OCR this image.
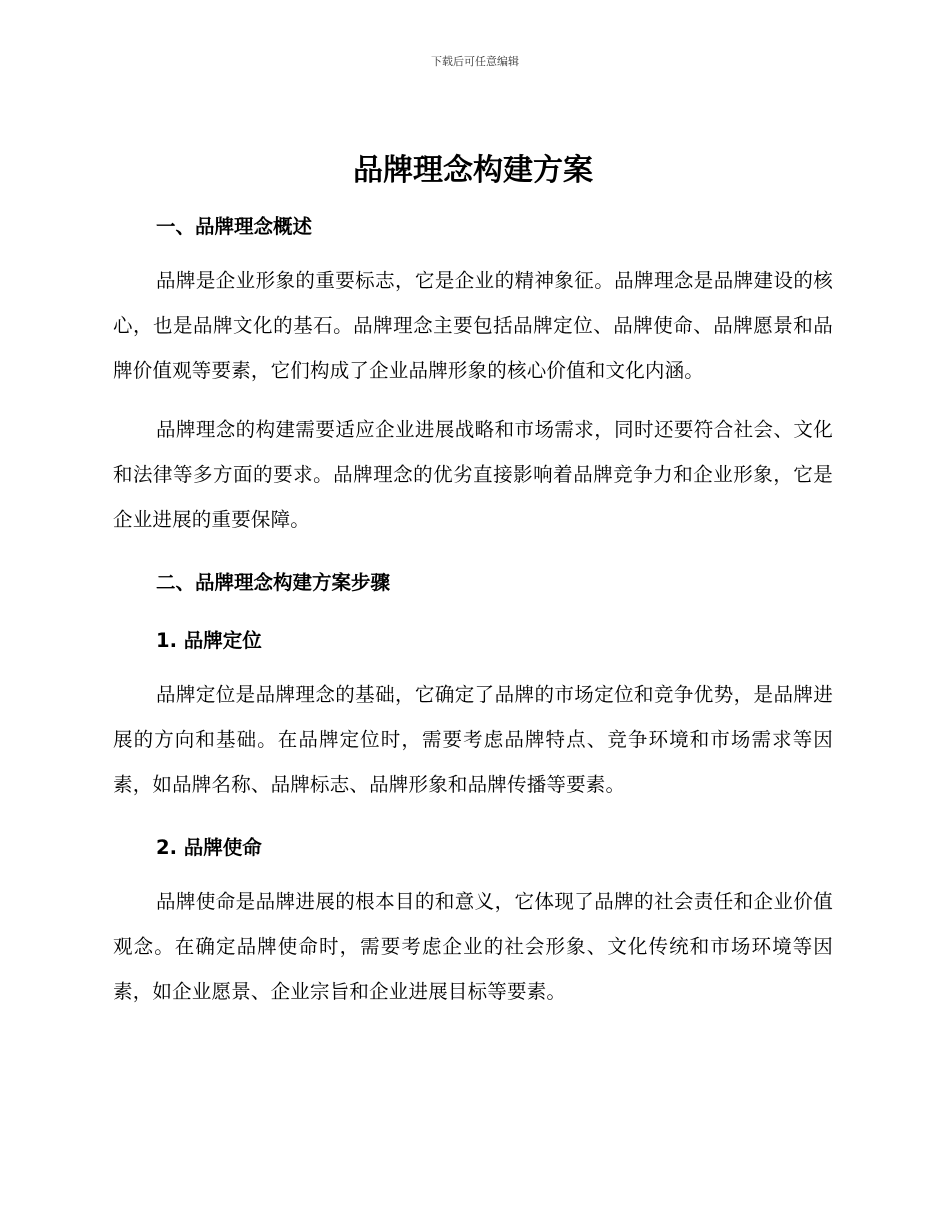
下载后可任意编辑
品牌理念构建方案
一、品牌理念概述

品牌是企业形象的重要标志，它是企业的精神象征。品牌理念是品牌建设的核心，也是品牌文化的基石。品牌理念主要包括品牌定位、品牌使命、品牌愿景和品牌价值观等要素，它们构成了企业品牌形象的核心价值和文化内涵。

品牌理念的构建需要适应企业进展战略和市场需求，同时还要符合社会、文化和法律等多方面的要求。品牌理念的优劣直接影响着品牌竞争力和企业形象，它是企业进展的重要保障。

二、品牌理念构建方案步骤
1. 品牌定位

品牌定位是品牌理念的基础，它确定了品牌的市场定位和竞争优势，是品牌进展的方向和基础。在品牌定位时，需要考虑品牌特点、竞争环境和市场需求等因素，如品牌名称、品牌标志、品牌形象和品牌传播等要素。

2. 品牌使命

品牌使命是品牌进展的根本目的和意义，它体现了品牌的社会责任和企业价值观念。在确定品牌使命时，需要考虑企业的社会形象、文化传统和市场环境等因素，如企业愿景、企业宗旨和企业进展目标等要素。
